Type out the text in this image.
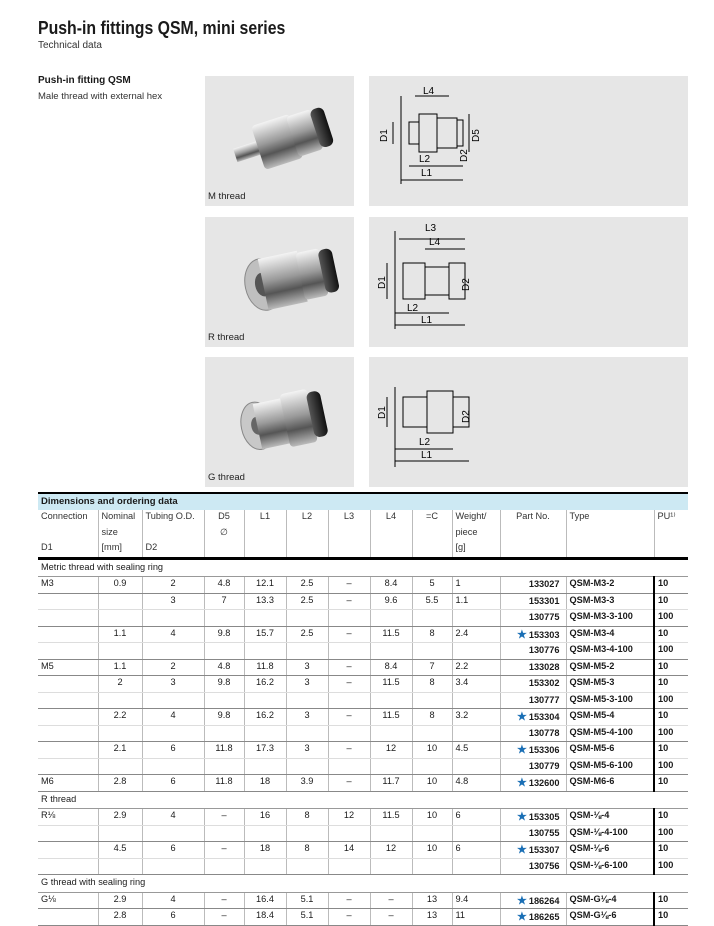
Push-in fittings QSM, mini series
Technical data
Push-in fitting QSM
Male thread with external hex
M thread
R thread
G thread
L4
D1
D2
D5
L2
L1
L3
L4
D1	D2
L2
L1
D1	D2
L2
L1
Dimensions and ordering data												
Connection	Nominal	Tubing O.D.	D5	L1	L2	L3	L4	=C	Weight/	Part No.	Type	PU¹⁾
	size		∅						piece			
D1	[mm]	D2							[g]			
Metric thread with sealing ring												
M3	0.9	2	4.8	12.1	2.5	–	8.4	5	1	133027	QSM-M3-2	10
		3	7	13.3	2.5	–	9.6	5.5	1.1	153301	QSM-M3-3	10
										130775	QSM-M3-3-100	100
	1.1	4	9.8	15.7	2.5	–	11.5	8	2.4	★ 153303	QSM-M3-4	10
										130776	QSM-M3-4-100	100
M5	1.1	2	4.8	11.8	3	–	8.4	7	2.2	133028	QSM-M5-2	10
	2	3	9.8	16.2	3	–	11.5	8	3.4	153302	QSM-M5-3	10
										130777	QSM-M5-3-100	100
	2.2	4	9.8	16.2	3	–	11.5	8	3.2	★ 153304	QSM-M5-4	10
										130778	QSM-M5-4-100	100
	2.1	6	11.8	17.3	3	–	12	10	4.5	★ 153306	QSM-M5-6	10
										130779	QSM-M5-6-100	100
M6	2.8	6	11.8	18	3.9	–	11.7	10	4.8	★ 132600	QSM-M6-6	10
R thread												
R⅛	2.9	4	–	16	8	12	11.5	10	6	★ 153305	QSM-⅛-4	10
										130755	QSM-⅛-4-100	100
	4.5	6	–	18	8	14	12	10	6	★ 153307	QSM-⅛-6	10
										130756	QSM-⅛-6-100	100
G thread with sealing ring												
G⅛	2.9	4	–	16.4	5.1	–	–	13	9.4	★ 186264	QSM-G⅛-4	10
	2.8	6	–	18.4	5.1	–	–	13	11	★ 186265	QSM-G⅛-6	10
